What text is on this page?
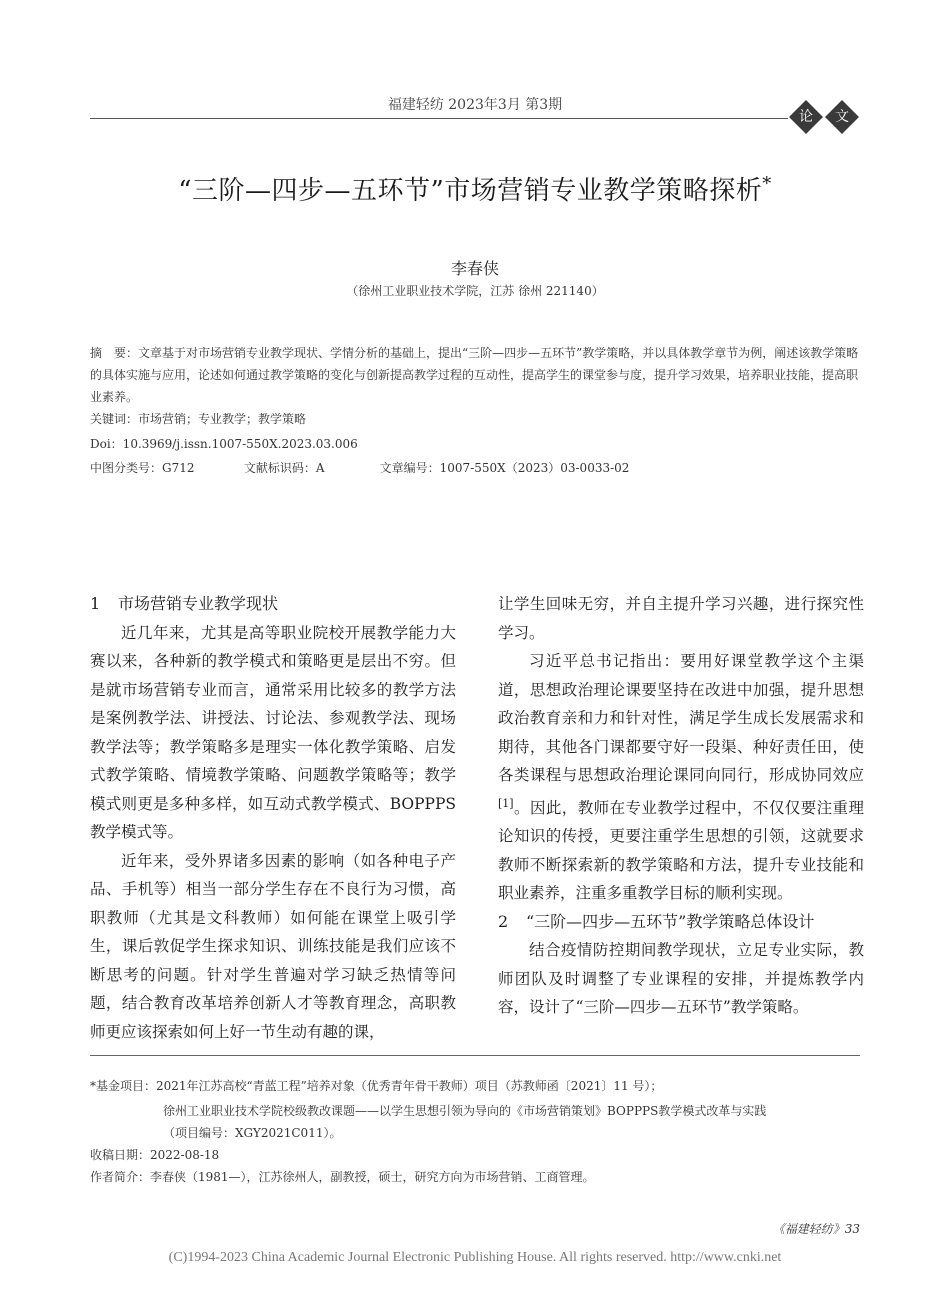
福建轻纺 2023年3月 第3期
论	文
“三阶—四步—五环节”市场营销专业教学策略探析*
李春侠
（徐州工业职业技术学院，江苏 徐州 221140）
摘　要：文章基于对市场营销专业教学现状、学情分析的基础上，提出“三阶—四步—五环节”教学策略，并以具体教学章节为例，阐述该教学策略的具体实施与应用，论述如何通过教学策略的变化与创新提高教学过程的互动性，提高学生的课堂参与度，提升学习效果，培养职业技能，提高职业素养。
关键词：市场营销；专业教学；教学策略
Doi：10.3969/j.issn.1007-550X.2023.03.006
中图分类号：G712	文献标识码：A	文章编号：1007-550X（2023）03-0033-02
1 市场营销专业教学现状

近几年来，尤其是高等职业院校开展教学能力大赛以来，各种新的教学模式和策略更是层出不穷。但是就市场营销专业而言，通常采用比较多的教学方法是案例教学法、讲授法、讨论法、参观教学法、现场教学法等；教学策略多是理实一体化教学策略、启发式教学策略、情境教学策略、问题教学策略等；教学模式则更是多种多样，如互动式教学模式、BOPPPS教学模式等。

近年来，受外界诸多因素的影响（如各种电子产品、手机等）相当一部分学生存在不良行为习惯，高职教师（尤其是文科教师）如何能在课堂上吸引学生，课后敦促学生探求知识、训练技能是我们应该不断思考的问题。针对学生普遍对学习缺乏热情等问题，结合教育改革培养创新人才等教育理念，高职教师更应该探索如何上好一节生动有趣的课，

让学生回味无穷，并自主提升学习兴趣，进行探究性学习。

习近平总书记指出：要用好课堂教学这个主渠道，思想政治理论课要坚持在改进中加强，提升思想政治教育亲和力和针对性，满足学生成长发展需求和期待，其他各门课都要守好一段渠、种好责任田，使各类课程与思想政治理论课同向同行，形成协同效应[1]。因此，教师在专业教学过程中，不仅仅要注重理论知识的传授，更要注重学生思想的引领，这就要求教师不断探索新的教学策略和方法，提升专业技能和职业素养，注重多重教学目标的顺利实现。

2 “三阶—四步—五环节”教学策略总体设计

结合疫情防控期间教学现状，立足专业实际，教师团队及时调整了专业课程的安排，并提炼教学内容，设计了“三阶—四步—五环节”教学策略。

*基金项目：2021年江苏高校“青蓝工程”培养对象（优秀青年骨干教师）项目（苏教师函〔2021〕11 号）；
徐州工业职业技术学院校级教改课题——以学生思想引领为导向的《市场营销策划》BOPPPS教学模式改革与实践
（项目编号：XGY2021C011）。
收稿日期：2022-08-18
作者简介：李春侠（1981—），江苏徐州人，副教授，硕士，研究方向为市场营销、工商管理。
《福建轻纺》33
(C)1994-2023 China Academic Journal Electronic Publishing House. All rights reserved. http://www.cnki.net
